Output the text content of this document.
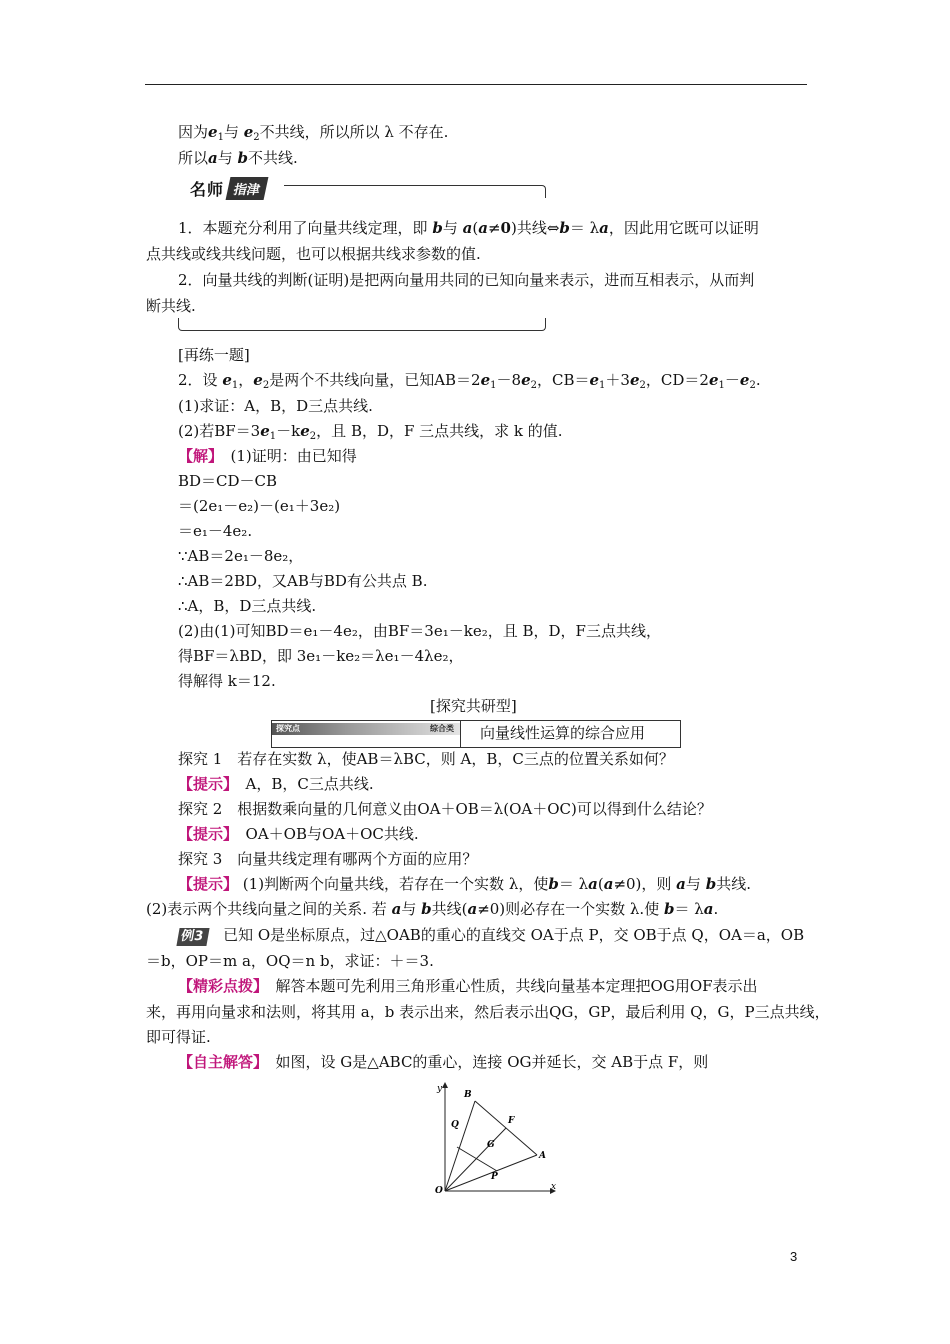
因为$e_1$与 $e_2$不共线，所以所以 λ 不存在.
所以a与 b不共线.
名师 指津
1．本题充分利用了向量共线定理，即 b与 a(a≠0)共线⇔b＝ λa，因此用它既可以证明
点共线或线共线问题，也可以根据共线求参数的值.
2．向量共线的判断(证明)是把两向量用共同的已知向量来表示，进而互相表示，从而判
断共线.
[再练一题]
2．设 $e_1$，$e_2$是两个不共线向量，已知$AB=2e_1-8e_2$，$CB=e_1+3e_2$，$CD=2e_1-e_2$.
(1)求证：A，B，D三点共线.
(2)若$BF=3e_1-ke_2$，且 B，D，F 三点共线，求 k 的值.
【解】　 (1)证明：由已知得
BD＝CD－CB
＝(2e₁－e₂)－(e₁＋3e₂)
＝e₁－4e₂.
∵AB＝2e₁－8e₂，
∴AB＝2BD，又AB与BD有公共点 B.
∴A，B，D三点共线.
(2)由(1)可知BD＝e₁－4e₂，由BF＝3e₁－ke₂，且 B，D，F三点共线，
得BF＝λBD，即 3e₁－ke₂＝λe₁－4λe₂，
得解得 k＝12.
[探究共研型]
探究点	综合类 向量线性运算的综合应用
探究 1　若存在实数 λ，使AB＝λBC，则 A，B，C三点的位置关系如何？
【提示】　 A，B，C三点共线.
探究 2　根据数乘向量的几何意义由OA＋OB＝λ(OA＋OC)可以得到什么结论？
【提示】　 OA＋OB与OA＋OC共线.
探究 3　向量共线定理有哪两个方面的应用？
【提示】 (1)判断两个向量共线，若存在一个实数 λ，使b＝ λa(a≠0)，则 a与 b共线.
(2)表示两个共线向量之间的关系. 若 a与 b共线(a≠0)则必存在一个实数 λ.使 b＝ λa.
例3　 已知 O是坐标原点，过△OAB的重心的直线交 OA于点 P，交 OB于点 Q，OA＝a，OB
＝b，OP＝m a，OQ＝n b，求证：＋＝3.
【精彩点拨】　 解答本题可先利用三角形重心性质，共线向量基本定理把OG用OF表示出
来，再用向量求和法则，将其用 a，b 表示出来，然后表示出QG，GP，最后利用 Q，G，P三点共线，
即可得证.
【自主解答】　 如图，设 G是△ABC的重心，连接 OG并延长，交 AB于点 F，则
y
B
F
Q
G
A
P
O	x
3
